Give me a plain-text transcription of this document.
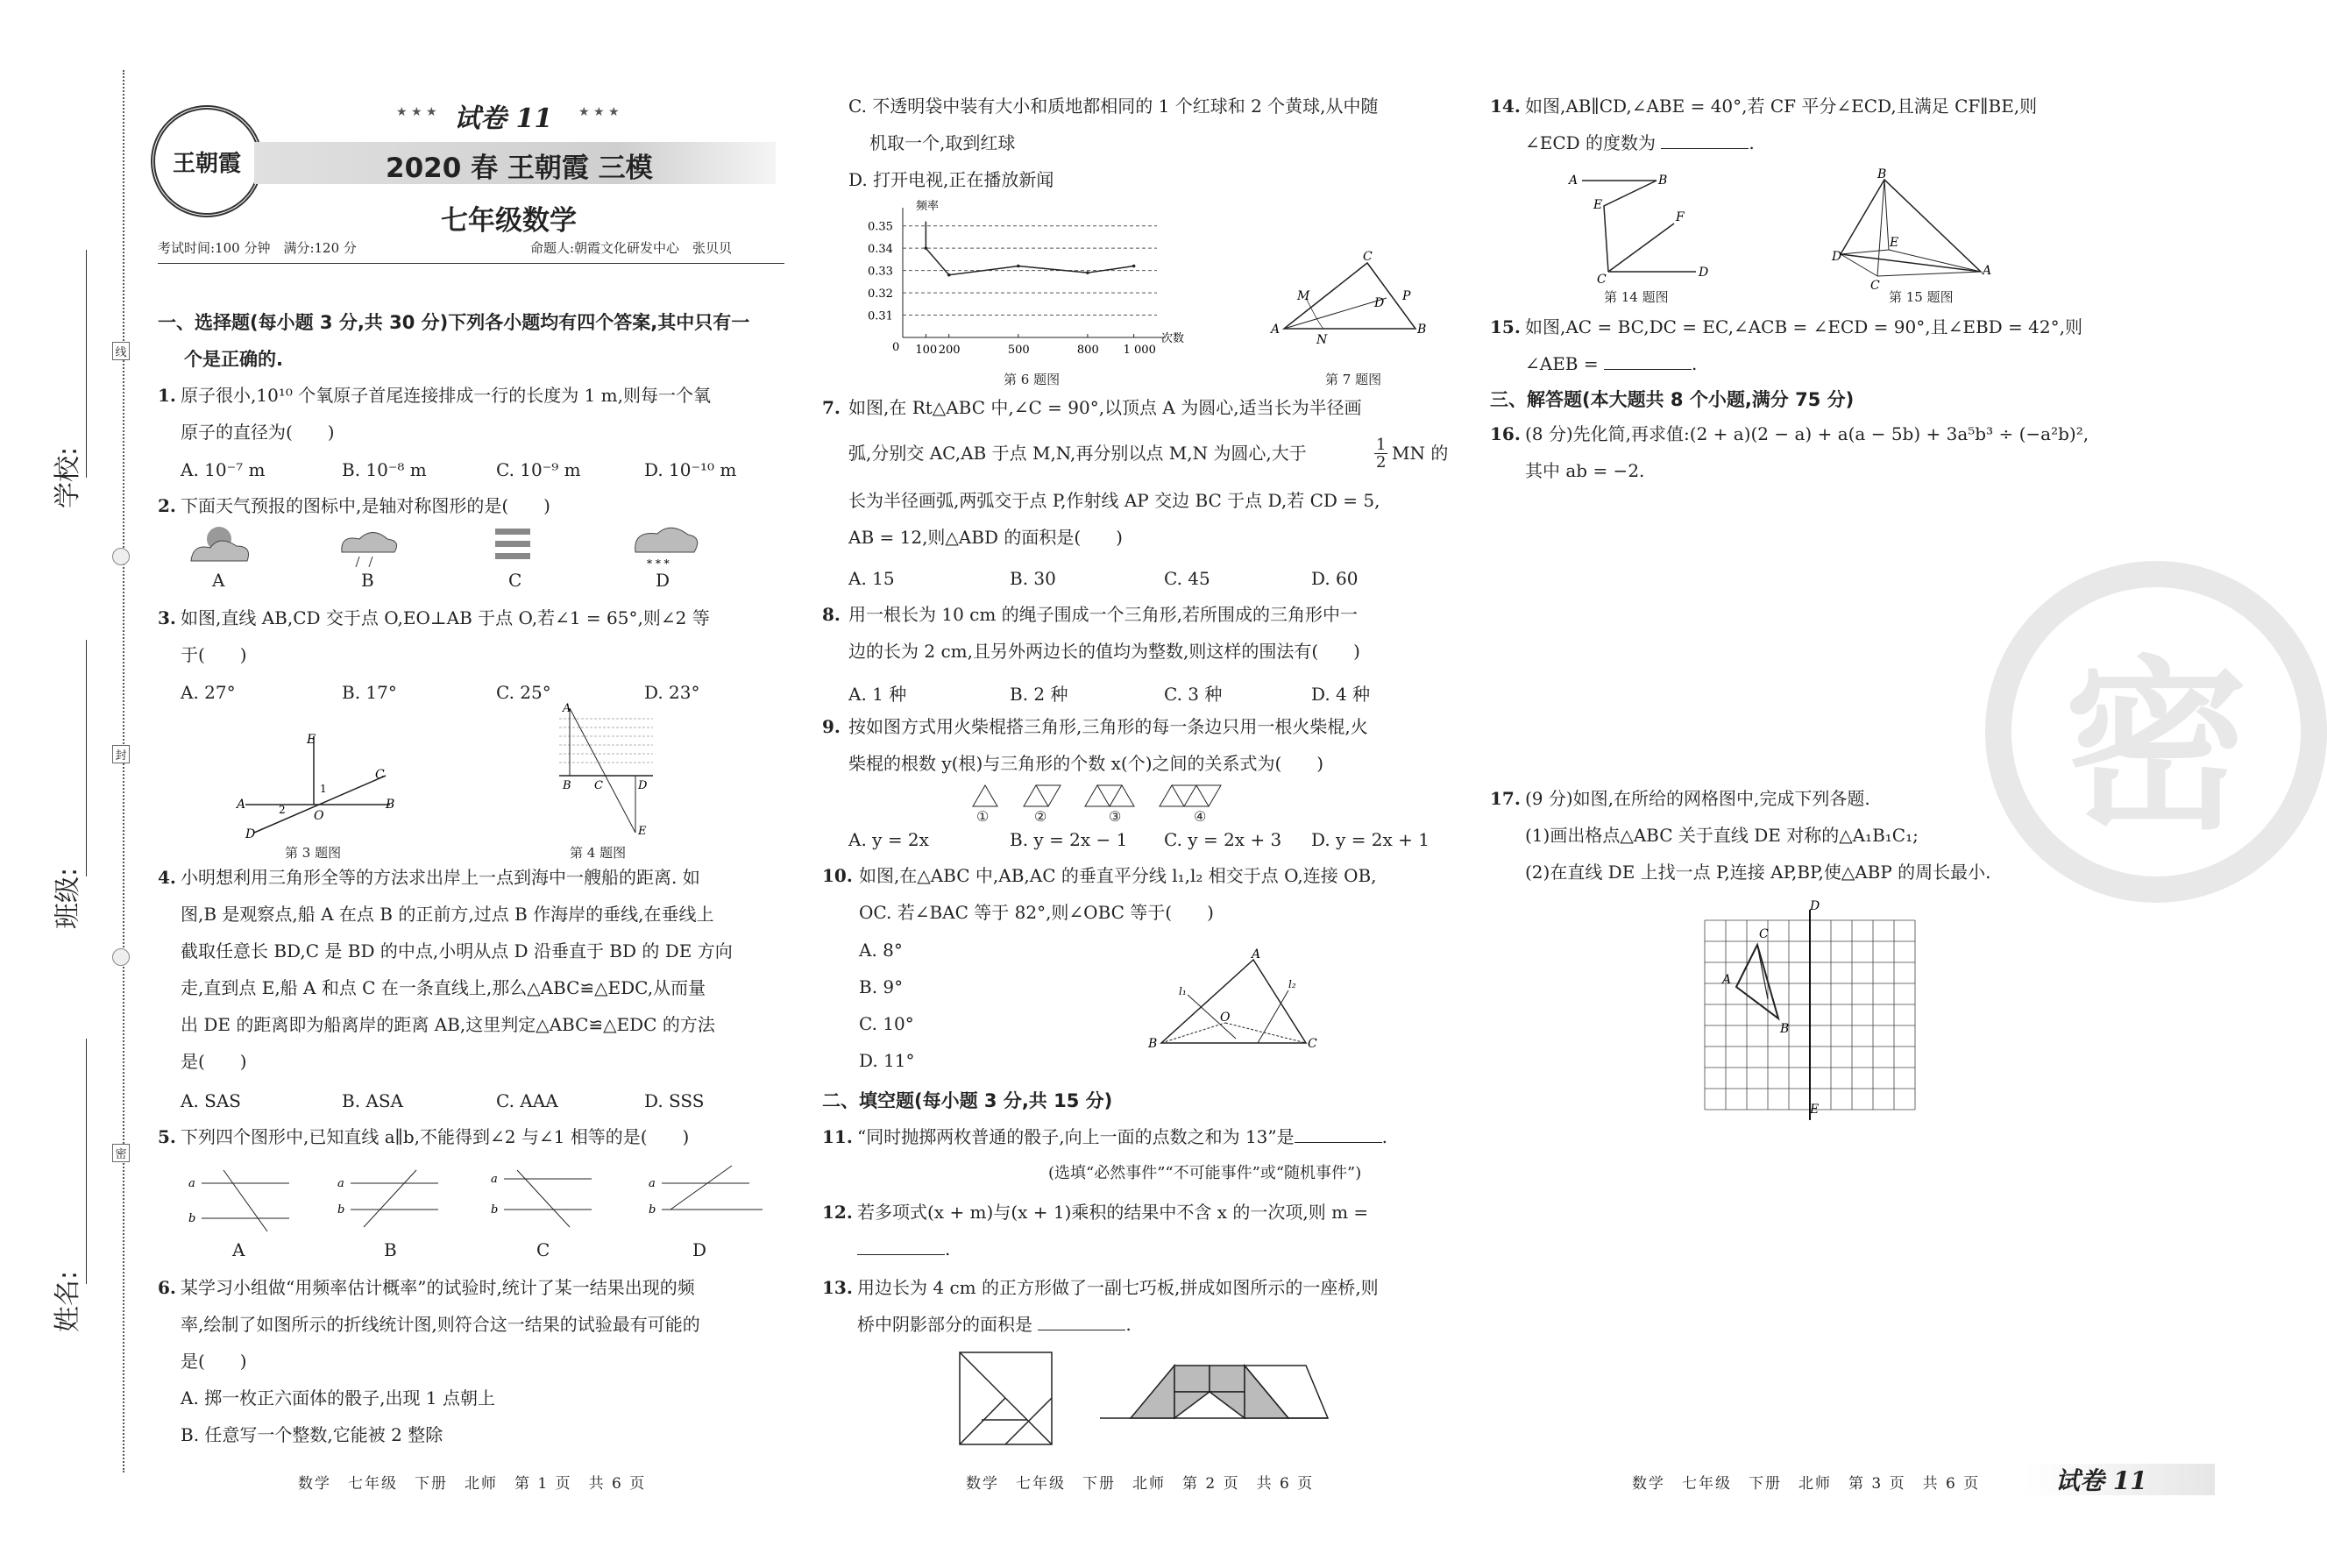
学校:
线
班级:
封
姓名:
密
王朝霞
★ ★ ★ 试卷 11 ★ ★ ★
2020 春 王朝霞 三模
七年级数学
考试时间:100 分钟　满分:120 分	命题人:朝霞文化研发中心　张贝贝
一、选择题(每小题 3 分,共 30 分)下列各小题均有四个答案,其中只有一
个是正确的.
1. 原子很小,10¹⁰ 个氧原子首尾连接排成一行的长度为 1 m,则每一个氧
原子的直径为(　　)
A. 10⁻⁷ m	B. 10⁻⁸ m	C. 10⁻⁹ m	D. 10⁻¹⁰ m
2. 下面天气预报的图标中,是轴对称图形的是(　　)
* * *
A	B	C	D
3. 如图,直线 AB,CD 交于点 O,EO⊥AB 于点 O,若∠1 = 65°,则∠2 等
于(　　)
A. 27°	B. 17°	C. 25°	D. 23°
E
A	B
C
D
O
1
2
第 3 题图
A
B C	D
E
第 4 题图
4. 小明想利用三角形全等的方法求出岸上一点到海中一艘船的距离. 如
图,B 是观察点,船 A 在点 B 的正前方,过点 B 作海岸的垂线,在垂线上
截取任意长 BD,C 是 BD 的中点,小明从点 D 沿垂直于 BD 的 DE 方向
走,直到点 E,船 A 和点 C 在一条直线上,那么△ABC≌△EDC,从而量
出 DE 的距离即为船离岸的距离 AB,这里判定△ABC≌△EDC 的方法
是(　　)
A. SAS	B. ASA	C. AAA	D. SSS
5. 下列四个图形中,已知直线 a∥b,不能得到∠2 与∠1 相等的是(　　)
a
b
a
b
a
b
a
b
A	B	C	D
6. 某学习小组做“用频率估计概率”的试验时,统计了某一结果出现的频
率,绘制了如图所示的折线统计图,则符合这一结果的试验最有可能的
是(　　)
A. 掷一枚正六面体的骰子,出现 1 点朝上
B. 任意写一个整数,它能被 2 整除
数学　七年级　下册　北师　第 1 页　共 6 页
C. 不透明袋中装有大小和质地都相同的 1 个红球和 2 个黄球,从中随
机取一个,取到红球
D. 打开电视,正在播放新闻
频率
次数
0
0.31
0.32
0.33
0.34
0.35
100 200	500	800 1 000
第 6 题图
A	B
C
D
M
N
P
第 7 题图
7. 如图,在 Rt△ABC 中,∠C = 90°,以顶点 A 为圆心,适当长为半径画
弧,分别交 AC,AB 于点 M,N,再分别以点 M,N 为圆心,大于	$\frac{1}{2}$ MN 的
长为半径画弧,两弧交于点 P,作射线 AP 交边 BC 于点 D,若 CD = 5,
AB = 12,则△ABD 的面积是(　　)
A. 15	B. 30	C. 45	D. 60
8. 用一根长为 10 cm 的绳子围成一个三角形,若所围成的三角形中一
边的长为 2 cm,且另外两边长的值均为整数,则这样的围法有(　　)
A. 1 种	B. 2 种	C. 3 种	D. 4 种
9. 按如图方式用火柴棍搭三角形,三角形的每一条边只用一根火柴棍,火
柴棍的根数 y(根)与三角形的个数 x(个)之间的关系式为(　　)
①	②	③	④
A. y = 2x	B. y = 2x − 1 C. y = 2x + 3 D. y = 2x + 1
10. 如图,在△ABC 中,AB,AC 的垂直平分线 l₁,l₂ 相交于点 O,连接 OB,
OC. 若∠BAC 等于 82°,则∠OBC 等于(　　)
A. 8°
B. 9°
C. 10°
D. 11°
B	C
A
O
l₁
l₂
二、填空题(每小题 3 分,共 15 分)
11. “同时抛掷两枚普通的骰子,向上一面的点数之和为 13”是	.
(选填“必然事件”“不可能事件”或“随机事件”)
12. 若多项式(x + m)与(x + 1)乘积的结果中不含 x 的一次项,则 m =
.
13. 用边长为 4 cm 的正方形做了一副七巧板,拼成如图所示的一座桥,则
桥中阴影部分的面积是	.
数学　七年级　下册　北师　第 2 页　共 6 页
14. 如图,AB∥CD,∠ABE = 40°,若 CF 平分∠ECD,且满足 CF∥BE,则
∠ECD 的度数为	.
A	B
E
F
C	D
第 14 题图
B
D
E
C
A
第 15 题图
15. 如图,AC = BC,DC = EC,∠ACB = ∠ECD = 90°,且∠EBD = 42°,则
∠AEB =	.
三、解答题(本大题共 8 个小题,满分 75 分)
16. (8 分)先化简,再求值:(2 + a)(2 − a) + a(a − 5b) + 3a⁵b³ ÷ (−a²b)²,
其中 ab = −2.
密
17. (9 分)如图,在所给的网格图中,完成下列各题.
(1)画出格点△ABC 关于直线 DE 对称的△A₁B₁C₁;
(2)在直线 DE 上找一点 P,连接 AP,BP,使△ABP 的周长最小.
D
E
C
A
B
数学　七年级　下册　北师　第 3 页　共 6 页	试卷 11
